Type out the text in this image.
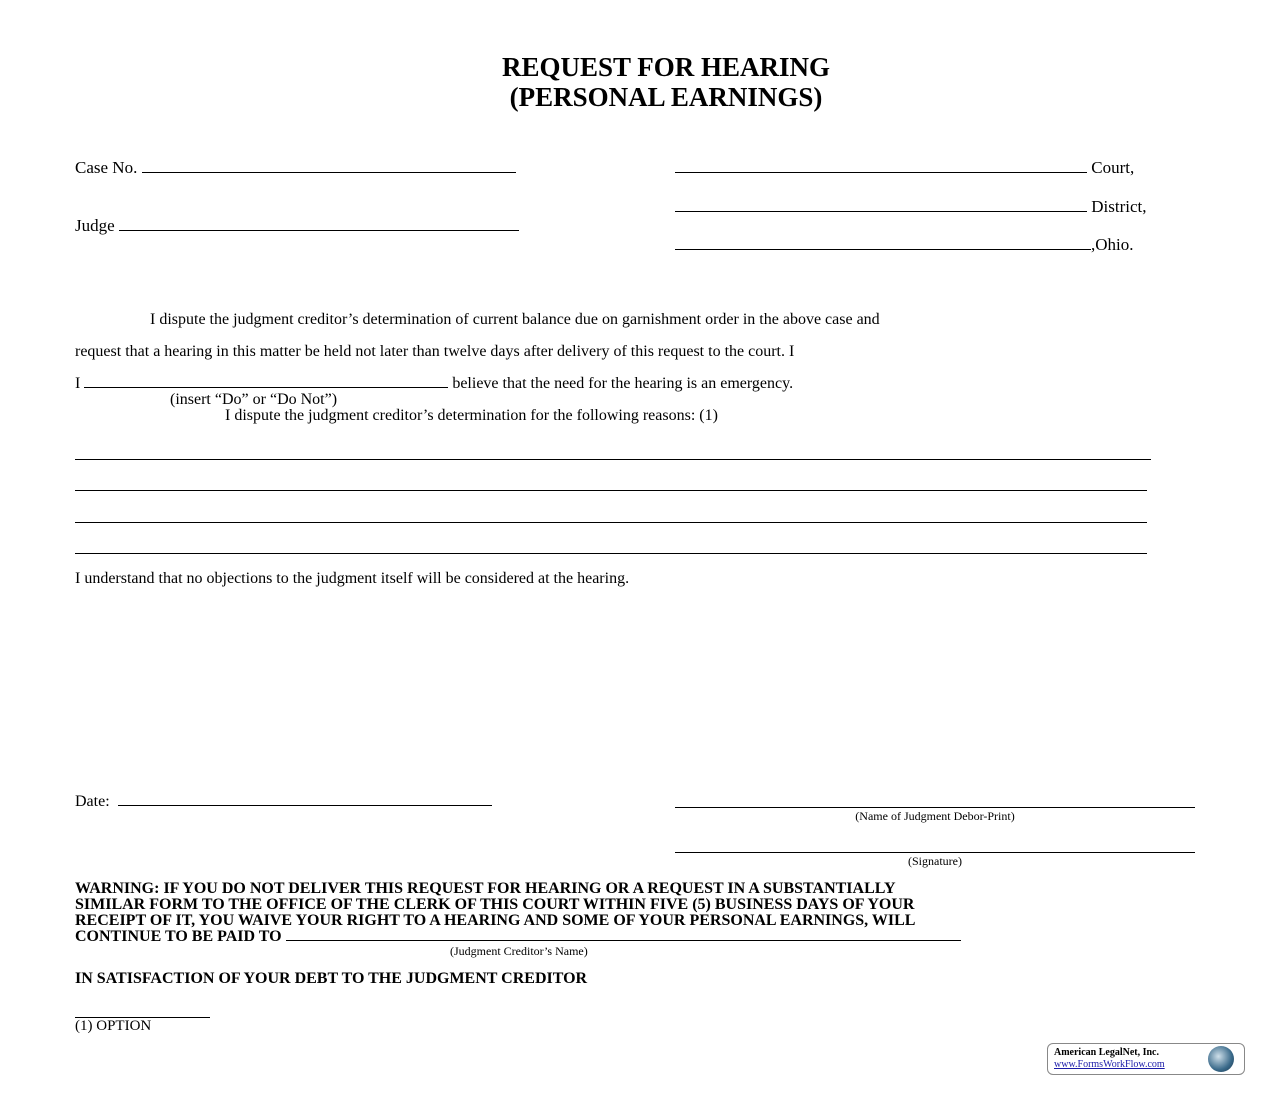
REQUEST FOR HEARING
(PERSONAL EARNINGS)
Case No.
Judge
Court,
District,
,Ohio.
I dispute the judgment creditor’s determination of current balance due on garnishment order in the above case and
request that a hearing in this matter be held not later than twelve days after delivery of this request to the court. I
I	believe that the need for the hearing is an emergency.
(insert “Do” or “Do Not”)
I dispute the judgment creditor’s determination for the following reasons: (1)
I understand that no objections to the judgment itself will be considered at the hearing.
Date:
(Name of Judgment Debor-Print)
(Signature)
WARNING: IF YOU DO NOT DELIVER THIS REQUEST FOR HEARING OR A REQUEST IN A SUBSTANTIALLY
SIMILAR FORM TO THE OFFICE OF THE CLERK OF THIS COURT WITHIN FIVE (5) BUSINESS DAYS OF YOUR
RECEIPT OF IT, YOU WAIVE YOUR RIGHT TO A HEARING AND SOME OF YOUR PERSONAL EARNINGS, WILL
CONTINUE TO BE PAID TO
(Judgment Creditor’s Name)
IN SATISFACTION OF YOUR DEBT TO THE JUDGMENT CREDITOR
(1) OPTION
American LegalNet, Inc.
www.FormsWorkFlow.com
